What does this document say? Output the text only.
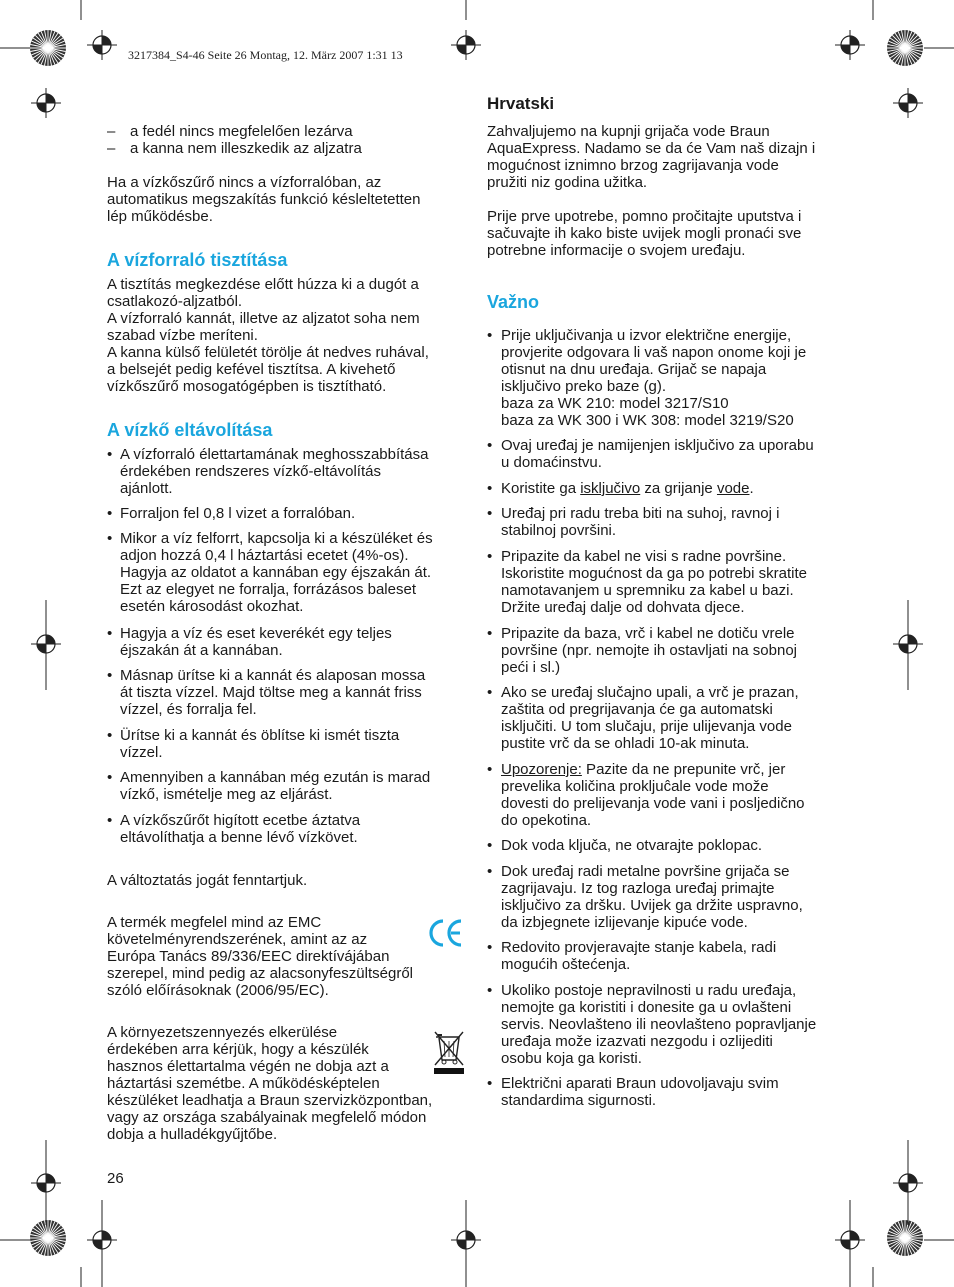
3217384_S4-46 Seite 26 Montag, 12. März 2007 1:31 13
– a fedél nincs megfelelően lezárva
– a kanna nem illeszkedik az aljzatra

Ha a vízkőszűrő nincs a vízforralóban, az
automatikus megszakítás funkció késleltetetten
lép működésbe.

A vízforraló tisztítása

A tisztítás megkezdése előtt húzza ki a dugót a
csatlakozó-aljzatból.
A vízforraló kannát, illetve az aljzatot soha nem
szabad vízbe meríteni.
A kanna külső felületét törölje át nedves ruhával,
a belsejét pedig kefével tisztítsa. A kivehető
vízkőszűrő mosogatógépben is tisztítható.

A vízkő eltávolítása
• A vízforraló élettartamának meghosszabbítása
érdekében rendszeres vízkő-eltávolítás
ajánlott.
• Forraljon fel 0,8 l vizet a forralóban.
• Mikor a víz felforrt, kapcsolja ki a készüléket és
adjon hozzá 0,4 l háztartási ecetet (4%-os).
Hagyja az oldatot a kannában egy éjszakán át.
Ezt az elegyet ne forralja, forrázásos baleset
esetén károsodást okozhat.
• Hagyja a víz és eset keverékét egy teljes
éjszakán át a kannában.
• Másnap ürítse ki a kannát és alaposan mossa
át tiszta vízzel. Majd töltse meg a kannát friss
vízzel, és forralja fel.
• Ürítse ki a kannát és öblítse ki ismét tiszta
vízzel.
• Amennyiben a kannában még ezután is marad
vízkő, ismételje meg az eljárást.
• A vízkőszűrőt higított ecetbe áztatva
eltávolíthatja a benne lévő vízkövet.

A változtatás jogát fenntartjuk.

A termék megfelel mind az EMC
követelményrendszerének, amint az az
Európa Tanács 89/336/EEC direktívájában
szerepel, mind pedig az alacsonyfeszültségről
szóló előírásoknak (2006/95/EC).

A környezetszennyezés elkerülése
érdekében arra kérjük, hogy a készülék
hasznos élettartalma végén ne dobja azt a
háztartási szemétbe. A működésképtelen
készüléket leadhatja a Braun szervizközpontban,
vagy az országa szabályainak megfelelő módon
dobja a hulladékgyűjtőbe.

26
Hrvatski

Zahvaljujemo na kupnji grijača vode Braun
AquaExpress. Nadamo se da će Vam naš dizajn i
mogućnost iznimno brzog zagrijavanja vode
pružiti niz godina užitka.

Prije prve upotrebe, pomno pročitajte uputstva i
sačuvajte ih kako biste uvijek mogli pronaći sve
potrebne informacije o svojem uređaju.

Važno
• Prije uključivanja u izvor električne energije,
provjerite odgovara li vaš napon onome koji je
otisnut na dnu uređaja. Grijač se napaja
isključivo preko baze (g).
baza za WK 210: model 3217/S10
baza za WK 300 i WK 308: model 3219/S20
• Ovaj uređaj je namijenjen isključivo za uporabu
u domaćinstvu.
• Koristite ga isključivo za grijanje vode.
• Uređaj pri radu treba biti na suhoj, ravnoj i
stabilnoj površini.
• Pripazite da kabel ne visi s radne površine.
Iskoristite mogućnost da ga po potrebi skratite
namotavanjem u spremniku za kabel u bazi.
Držite uređaj dalje od dohvata djece.
• Pripazite da baza, vrč i kabel ne dotiču vrele
površine (npr. nemojte ih ostavljati na sobnoj
peći i sl.)
• Ako se uređaj slučajno upali, a vrč je prazan,
zaštita od pregrijavanja će ga automatski
isključiti. U tom slučaju, prije ulijevanja vode
pustite vrč da se ohladi 10-ak minuta.
• Upozorenje: Pazite da ne prepunite vrč, jer
prevelika količina prokljuĉale vode može
dovesti do prelijevanja vode vani i posljedično
do opekotina.
• Dok voda ključa, ne otvarajte poklopac.
• Dok uređaj radi metalne površine grijača se
zagrijavaju. Iz tog razloga uređaj primajte
isključivo za dršku. Uvijek ga držite uspravno,
da izbjegnete izlijevanje kipuće vode.
• Redovito provjeravajte stanje kabela, radi
mogućih oštećenja.
• Ukoliko postoje nepravilnosti u radu uređaja,
nemojte ga koristiti i donesite ga u ovlašteni
servis. Neovlašteno ili neovlašteno popravljanje
uređaja može izazvati nezgodu i ozlijediti
osobu koja ga koristi.
• Električni aparati Braun udovoljavaju svim
standardima sigurnosti.
